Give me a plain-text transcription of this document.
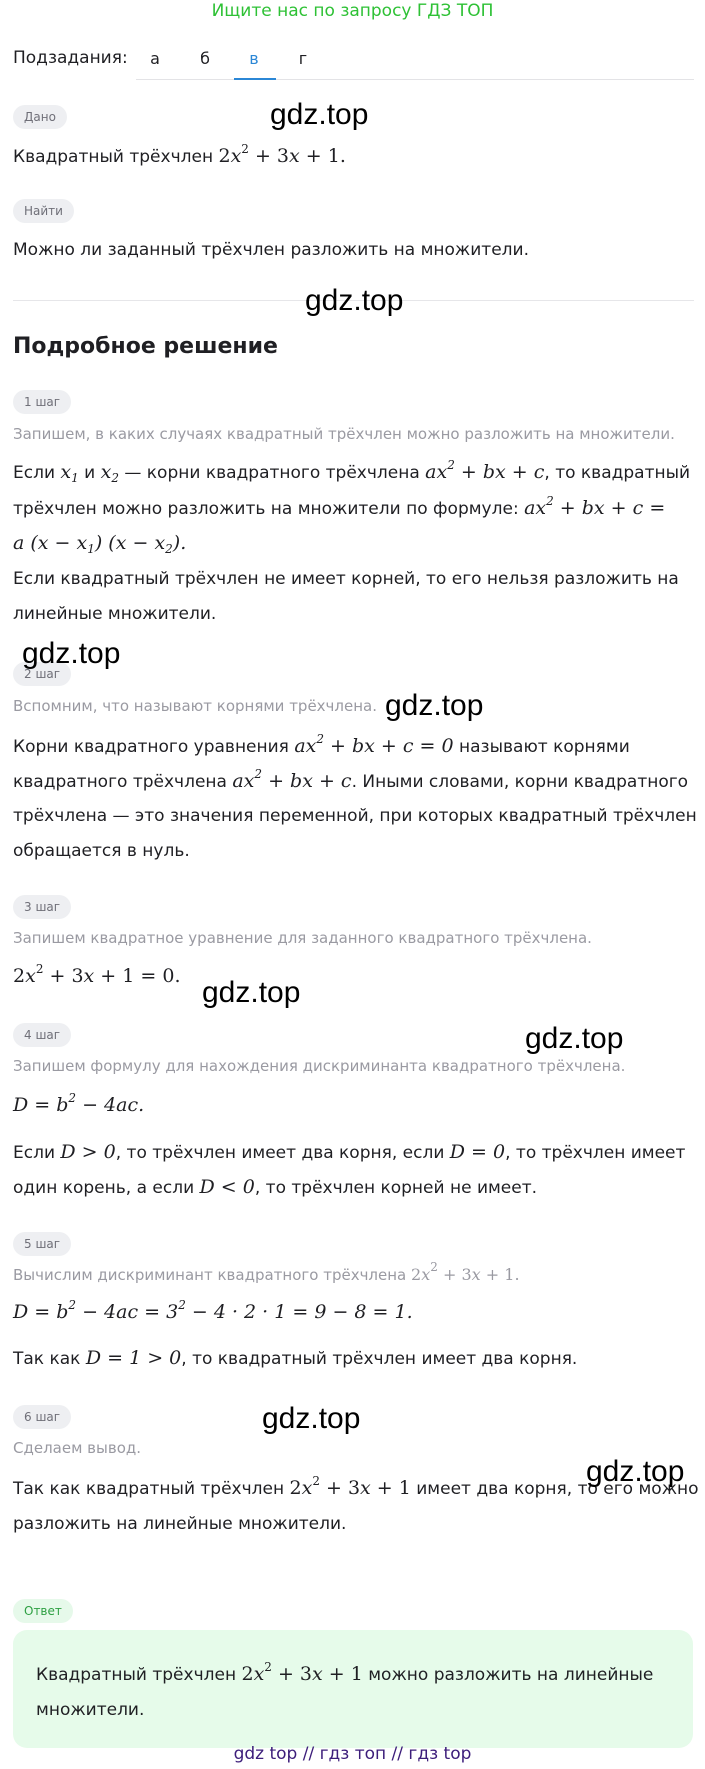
Ищите нас по запросу ГДЗ ТОП
Подзадания:	а	б	в	г
Дано
Квадратный трёхчлен $2x^2 + 3x + 1$.
Найти
Можно ли заданный трёхчлен разложить на множители.
Подробное решение
1 шаг
Запишем, в каких случаях квадратный трёхчлен можно разложить на множители.
Если $x_1$ и $x_2$ — корни квадратного трёхчлена $ax^2$ + bx + c, то квадратный
трёхчлен можно разложить на множители по формуле: $ax^2$ + bx + c =
a $(x - x_1)$ $(x - x_2)$.
Если квадратный трёхчлен не имеет корней, то его нельзя разложить на
линейные множители.
2 шаг
Вспомним, что называют корнями трёхчлена.
Корни квадратного уравнения $ax^2$ + bx + c = 0 называют корнями
квадратного трёхчлена $ax^2$ + bx + c. Иными словами, корни квадратного
трёхчлена — это значения переменной, при которых квадратный трёхчлен
обращается в нуль.
3 шаг
Запишем квадратное уравнение для заданного квадратного трёхчлена.
$2x^2 + 3x + 1 = 0$.
4 шаг
Запишем формулу для нахождения дискриминанта квадратного трёхчлена.
$D = b^2 - 4ac$.
Если D > 0, то трёхчлен имеет два корня, если D = 0, то трёхчлен имеет
один корень, а если D < 0, то трёхчлен корней не имеет.
5 шаг
Вычислим дискриминант квадратного трёхчлена $2x^2 + 3x + 1$.
$D = b^2 - 4ac = 3^2 - 4 \cdot 2 \cdot 1 = 9 - 8 = 1$.
Так как D = 1 > 0, то квадратный трёхчлен имеет два корня.
6 шаг
Сделаем вывод.
Так как квадратный трёхчлен $2x^2 + 3x + 1$ имеет два корня, то его можно
разложить на линейные множители.
Ответ
Квадратный трёхчлен $2x^2 + 3x + 1$ можно разложить на линейные
множители.
gdz.top
gdz.top
gdz.top
gdz.top
gdz.top
gdz.top
gdz.top
gdz.top
gdz top // гдз топ // гдз top
